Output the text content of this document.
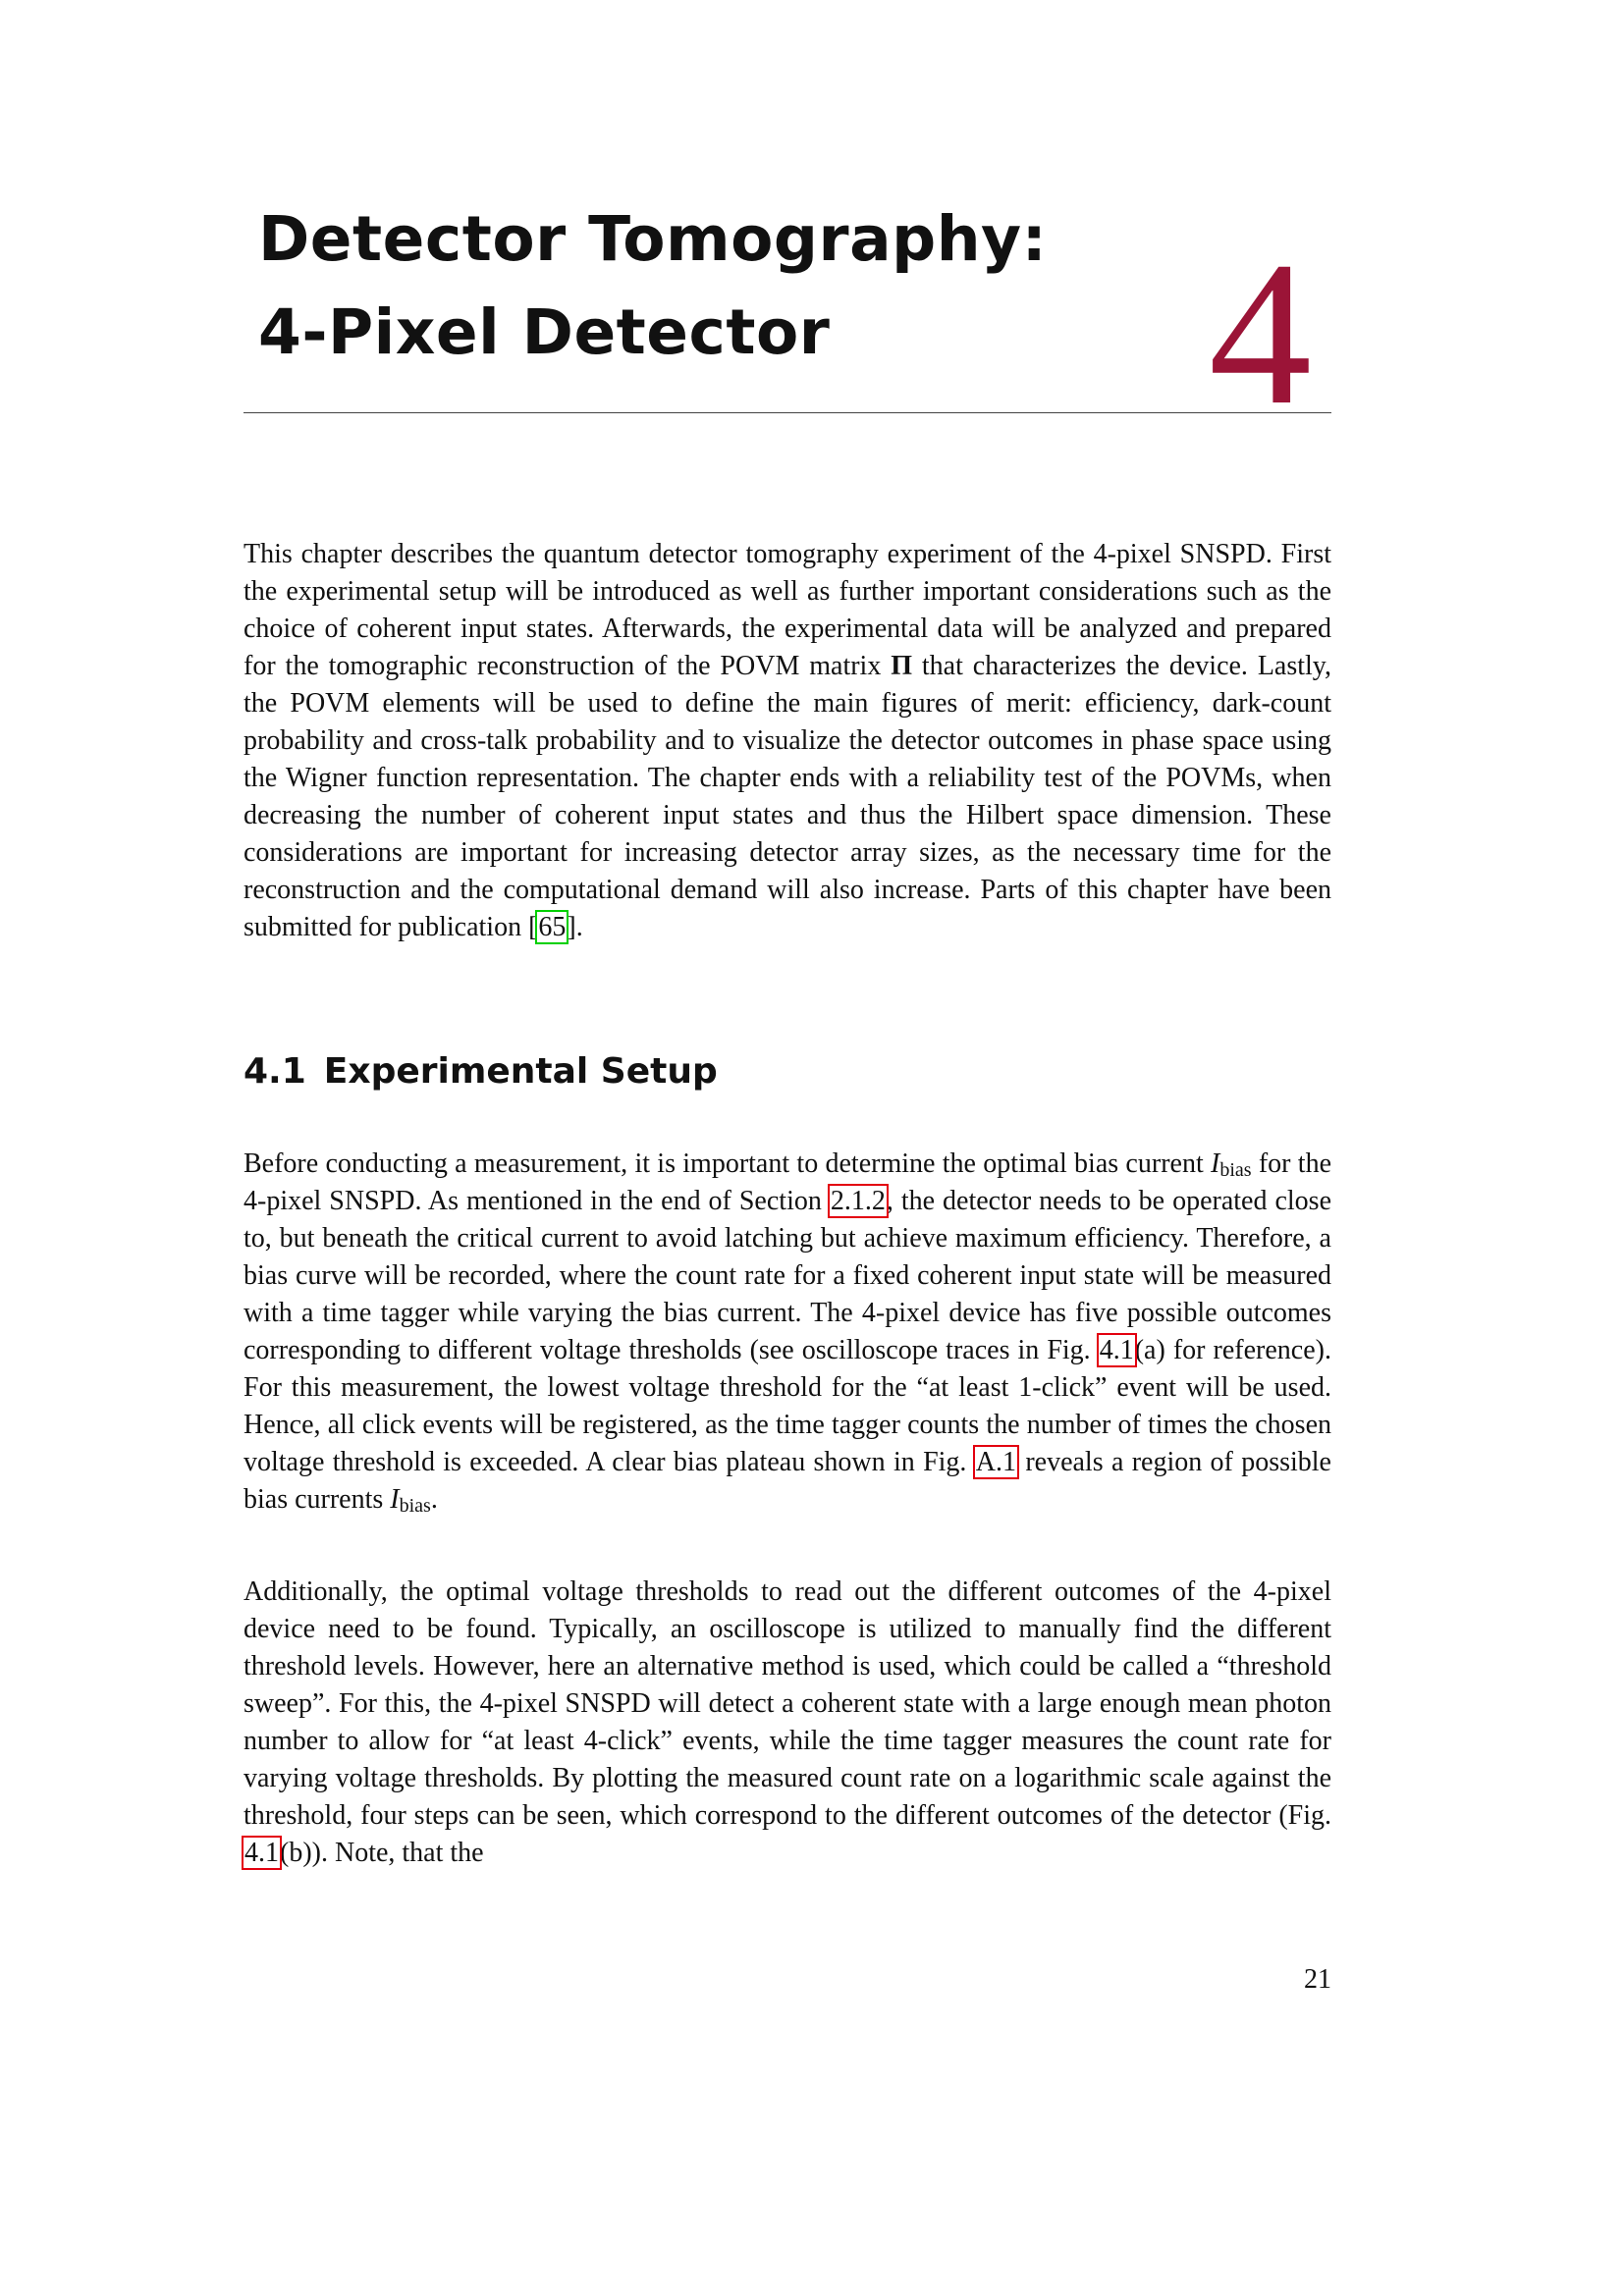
Detector Tomography:
4-Pixel Detector	4

This chapter describes the quantum detector tomography experiment of the 4-pixel SNSPD. First the experimental setup will be introduced as well as further important considerations such as the choice of coherent input states. Afterwards, the experimental data will be analyzed and prepared for the tomographic reconstruction of the POVM matrix Π that characterizes the device. Lastly, the POVM elements will be used to define the main figures of merit: efficiency, dark-count probability and cross-talk probability and to visualize the detector outcomes in phase space using the Wigner function representation. The chapter ends with a reliability test of the POVMs, when decreasing the number of coherent input states and thus the Hilbert space dimension. These considerations are important for increasing detector array sizes, as the necessary time for the reconstruction and the computational demand will also increase. Parts of this chapter have been submitted for publication [65].

4.1 Experimental Setup

Before conducting a measurement, it is important to determine the optimal bias current $I_{bias}$ for the 4-pixel SNSPD. As mentioned in the end of Section 2.1.2, the detector needs to be operated close to, but beneath the critical current to avoid latching but achieve maximum efficiency. Therefore, a bias curve will be recorded, where the count rate for a fixed coherent input state will be measured with a time tagger while varying the bias current. The 4-pixel device has five possible outcomes corresponding to different voltage thresholds (see oscilloscope traces in Fig. 4.1(a) for reference). For this measurement, the lowest voltage threshold for the “at least 1-click” event will be used. Hence, all click events will be registered, as the time tagger counts the number of times the chosen voltage threshold is exceeded. A clear bias plateau shown in Fig. A.1 reveals a region of possible bias currents $I_{bias}$.

Additionally, the optimal voltage thresholds to read out the different outcomes of the 4-pixel device need to be found. Typically, an oscilloscope is utilized to manually find the different threshold levels. However, here an alternative method is used, which could be called a “threshold sweep”. For this, the 4-pixel SNSPD will detect a coherent state with a large enough mean photon number to allow for “at least 4-click” events, while the time tagger measures the count rate for varying voltage thresholds. By plotting the measured count rate on a logarithmic scale against the threshold, four steps can be seen, which correspond to the different outcomes of the detector (Fig. 4.1(b)). Note, that the

21
